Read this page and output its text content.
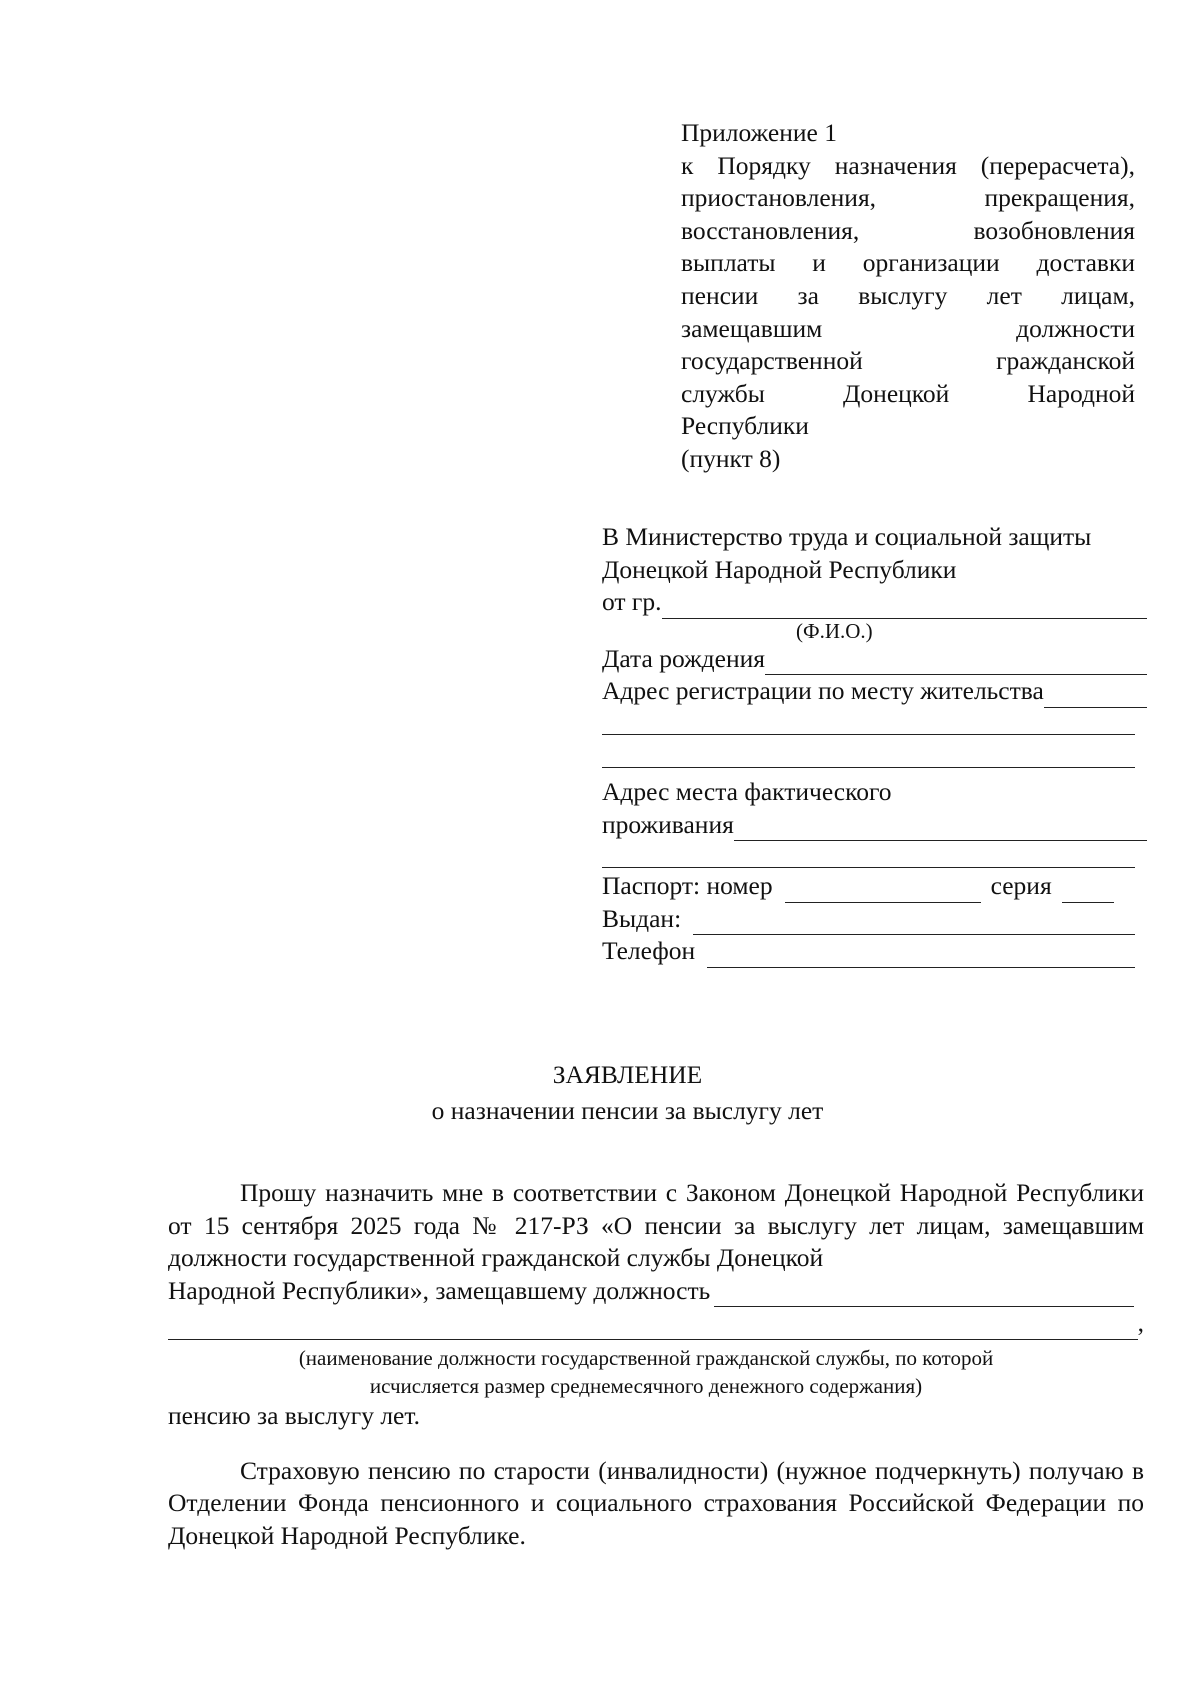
Приложение 1
к Порядку назначения (перерасчета),
приостановления, прекращения,
восстановления, возобновления
выплаты и организации доставки
пенсии за выслугу лет лицам,
замещавшим должности
государственной гражданской
службы Донецкой Народной
Республики
(пункт 8)
В Министерство труда и социальной защиты
Донецкой Народной Республики
от гр.
(Ф.И.О.)
Дата рождения
Адрес регистрации по месту жительства
Адрес места фактического
проживания
Паспорт: номер	серия
Выдан:
Телефон
ЗАЯВЛЕНИЕ
о назначении пенсии за выслугу лет

Прошу назначить мне в соответствии с Законом Донецкой Народной Республики от 15 сентября 2025 года № 217-РЗ «О пенсии за выслугу лет лицам, замещавшим должности государственной гражданской службы Донецкой

Народной Республики», замещавшему должность
,
(наименование должности государственной гражданской службы, по которой
исчисляется размер среднемесячного денежного содержания)

пенсию за выслугу лет.

Страховую пенсию по старости (инвалидности) (нужное подчеркнуть) получаю в Отделении Фонда пенсионного и социального страхования Российской Федерации по Донецкой Народной Республике.
